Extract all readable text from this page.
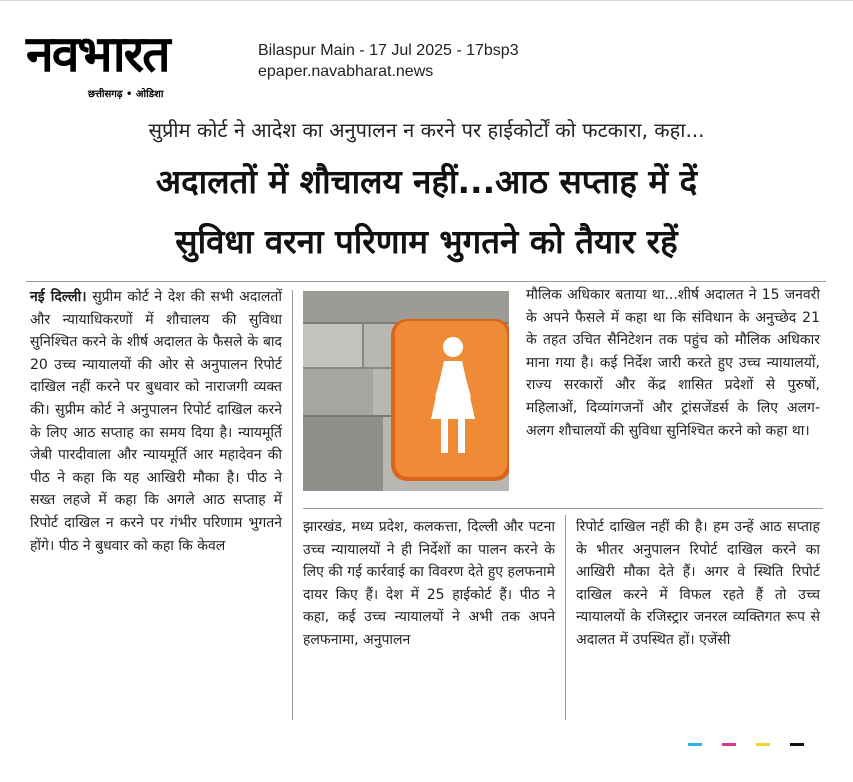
नवभारत
छत्तीसगढ़ • ओडिशा
Bilaspur Main - 17 Jul 2025 - 17bsp3
epaper.navabharat.news
सुप्रीम कोर्ट ने आदेश का अनुपालन न करने पर हाईकोर्टों को फटकारा, कहा...
अदालतों में शौचालय नहीं...आठ सप्ताह में दें
सुविधा वरना परिणाम भुगतने को तैयार रहें

नई दिल्ली। सुप्रीम कोर्ट ने देश की सभी अदालतों और न्यायाधिकरणों में शौचालय की सुविधा सुनिश्चित करने के शीर्ष अदालत के फैसले के बाद 20 उच्च न्यायालयों की ओर से अनुपालन रिपोर्ट दाखिल नहीं करने पर बुधवार को नाराजगी व्यक्त की। सुप्रीम कोर्ट ने अनुपालन रिपोर्ट दाखिल करने के लिए आठ सप्ताह का समय दिया है। न्यायमूर्ति जेबी पारदीवाला और न्यायमूर्ति आर महादेवन की पीठ ने कहा कि यह आखिरी मौका है। पीठ ने सख्त लहजे में कहा कि अगले आठ सप्ताह में रिपोर्ट दाखिल न करने पर गंभीर परिणाम भुगतने होंगे। पीठ ने बुधवार को कहा कि केवल

मौलिक अधिकार बताया था...शीर्ष अदालत ने 15 जनवरी के अपने फैसले में कहा था कि संविधान के अनुच्छेद 21 के तहत उचित सैनिटेशन तक पहुंच को मौलिक अधिकार माना गया है। कई निर्देश जारी करते हुए उच्च न्यायालयों, राज्य सरकारों और केंद्र शासित प्रदेशों से पुरुषों, महिलाओं, दिव्यांगजनों और ट्रांसजेंडर्स के लिए अलग-अलग शौचालयों की सुविधा सुनिश्चित करने को कहा था।

झारखंड, मध्य प्रदेश, कलकत्ता, दिल्ली और पटना उच्च न्यायालयों ने ही निर्देशों का पालन करने के लिए की गई कार्रवाई का विवरण देते हुए हलफनामे दायर किए हैं। देश में 25 हाईकोर्ट हैं। पीठ ने कहा, कई उच्च न्यायालयों ने अभी तक अपने हलफनामा, अनुपालन

रिपोर्ट दाखिल नहीं की है। हम उन्हें आठ सप्ताह के भीतर अनुपालन रिपोर्ट दाखिल करने का आखिरी मौका देते हैं। अगर वे स्थिति रिपोर्ट दाखिल करने में विफल रहते हैं तो उच्च न्यायालयों के रजिस्ट्रार जनरल व्यक्तिगत रूप से अदालत में उपस्थित हों। एजेंसी
